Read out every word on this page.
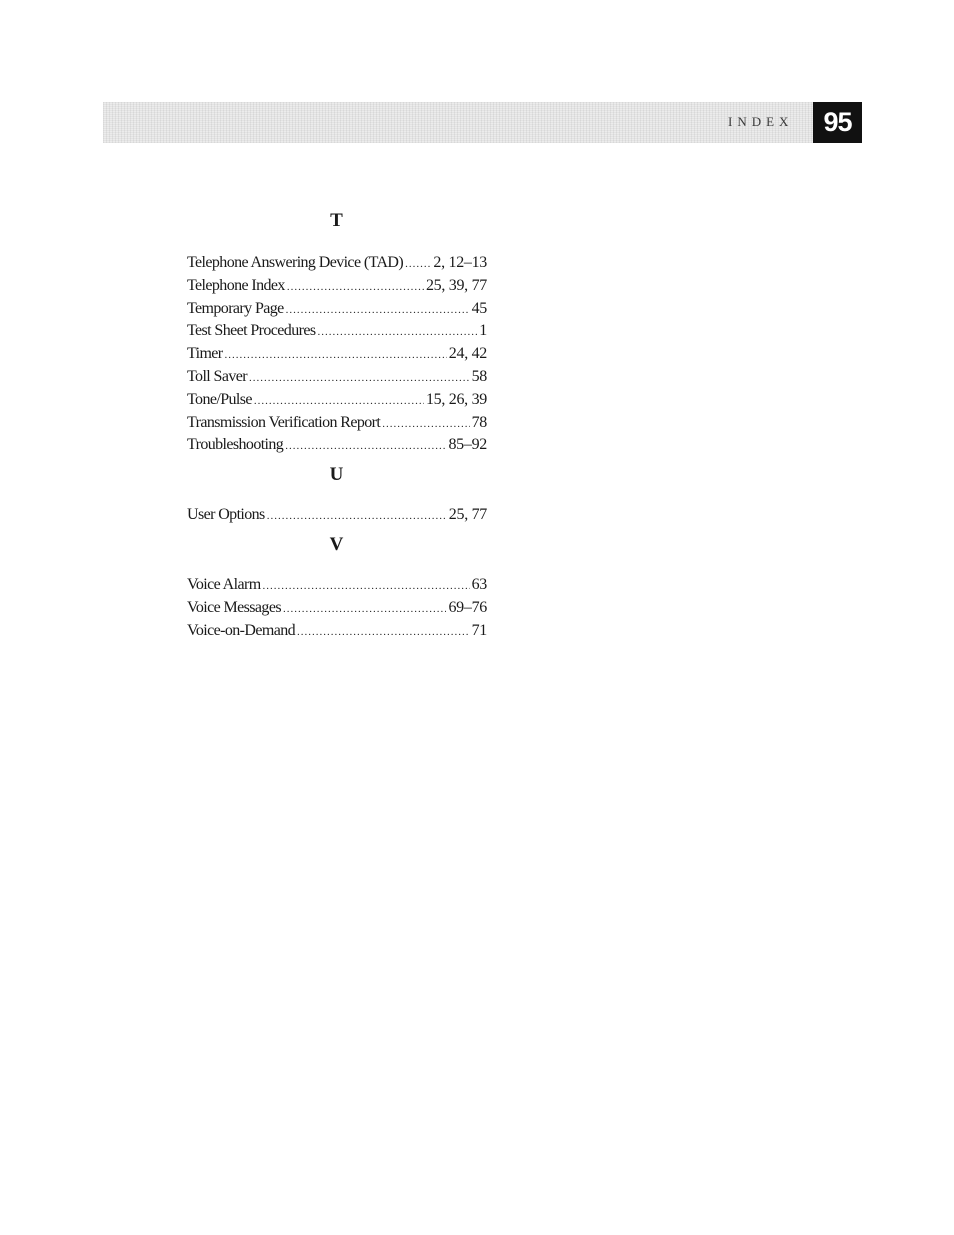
INDEX	95
T
Telephone Answering Device (TAD) ..... 2, 12–13
Telephone Index .....	25, 39, 77
Temporary Page .....	45
Test Sheet Procedures .....	1
Timer .....	24, 42
Toll Saver .....	58
Tone/Pulse .....	15, 26, 39
Transmission Verification Report .....	78
Troubleshooting .....	85–92
U
User Options .....	25, 77
V
Voice Alarm .....	63
Voice Messages .....	69–76
Voice-on-Demand .....	71
